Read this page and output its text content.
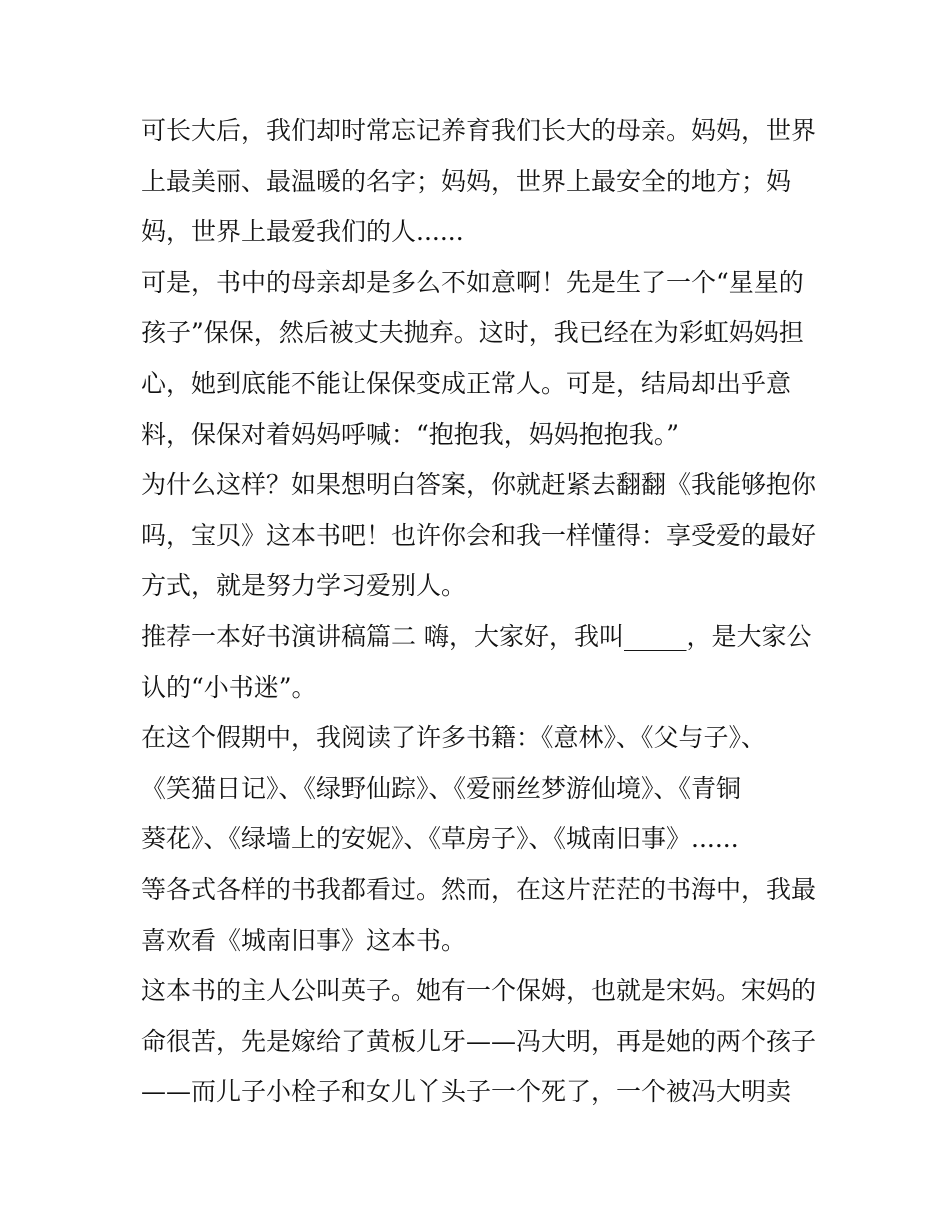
可长大后，我们却时常忘记养育我们长大的母亲。妈妈，世界
上最美丽、最温暖的名字；妈妈，世界上最安全的地方；妈
妈，世界上最爱我们的人......
可是，书中的母亲却是多么不如意啊！先是生了一个“星星的
孩子”保保，然后被丈夫抛弃。这时，我已经在为彩虹妈妈担
心，她到底能不能让保保变成正常人。可是，结局却出乎意
料，保保对着妈妈呼喊：“抱抱我，妈妈抱抱我。”
为什么这样？如果想明白答案，你就赶紧去翻翻《我能够抱你
吗，宝贝》这本书吧！也许你会和我一样懂得：享受爱的最好
方式，就是努力学习爱别人。
推荐一本好书演讲稿篇二 嗨，大家好，我叫_____，是大家公
认的“小书迷”。
在这个假期中，我阅读了许多书籍：《意林》、《父与子》、
《笑猫日记》、《绿野仙踪》、《爱丽丝梦游仙境》、《青铜
葵花》、《绿墙上的安妮》、《草房子》、《城南旧事》......
等各式各样的书我都看过。然而，在这片茫茫的书海中，我最
喜欢看《城南旧事》这本书。
这本书的主人公叫英子。她有一个保姆，也就是宋妈。宋妈的
命很苦，先是嫁给了黄板儿牙——冯大明，再是她的两个孩子
——而儿子小栓子和女儿丫头子一个死了，一个被冯大明卖
